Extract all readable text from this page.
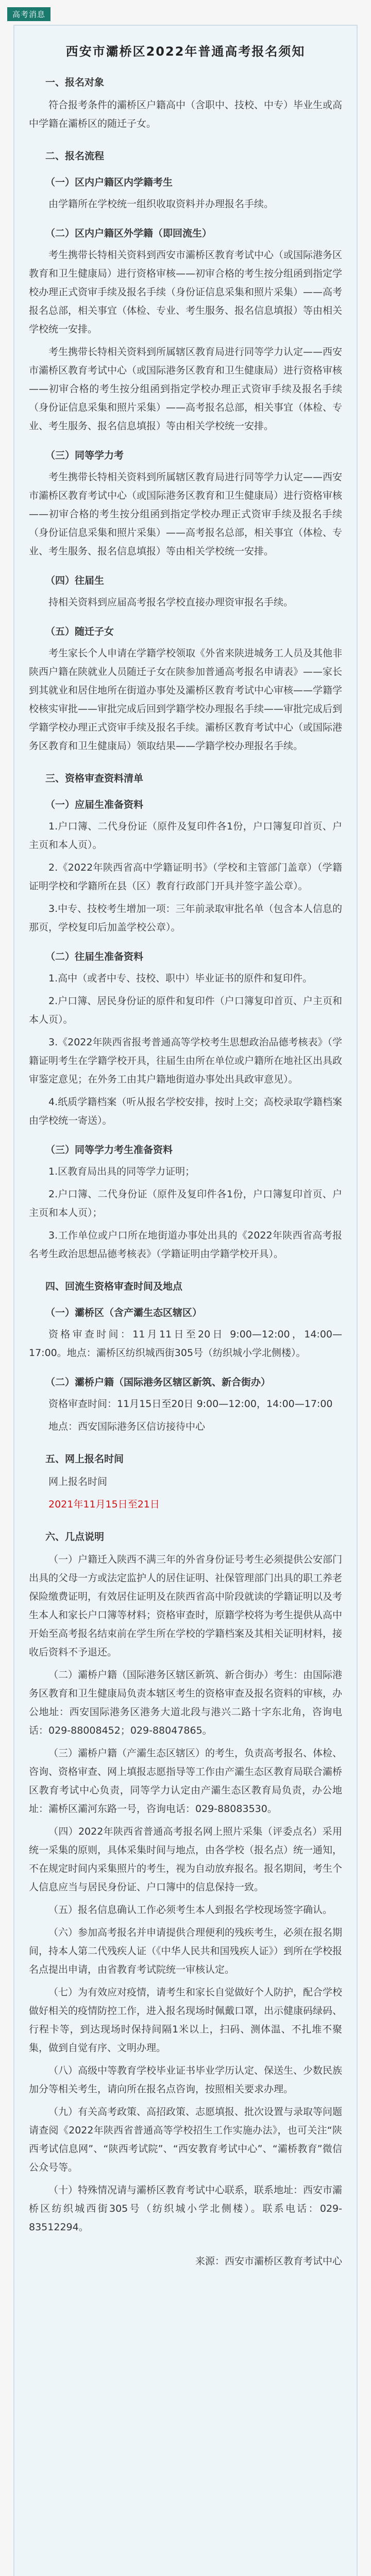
高考消息
西安市灞桥区2022年普通高考报名须知
一、报名对象
符合报考条件的灞桥区户籍高中（含职中、技校、中专）毕业生或高中学籍在灞桥区的随迁子女。
二、报名流程
（一）区内户籍区内学籍考生
由学籍所在学校统一组织收取资料并办理报名手续。
（二）区内户籍区外学籍（即回流生）
考生携带长特相关资料到西安市灞桥区教育考试中心（或国际港务区教育和卫生健康局）进行资格审核——初审合格的考生按分组函到指定学校办理正式资审手续及报名手续（身份证信息采集和照片采集）——高考报名总部，相关事宜（体检、专业、考生服务、报名信息填报）等由相关学校统一安排。
考生携带长特相关资料到所属辖区教育局进行同等学力认定——西安市灞桥区教育考试中心（或国际港务区教育和卫生健康局）进行资格审核——初审合格的考生按分组函到指定学校办理正式资审手续及报名手续（身份证信息采集和照片采集）——高考报名总部，相关事宜（体检、专业、考生服务、报名信息填报）等由相关学校统一安排。
（三）同等学力考
考生携带长特相关资料到所属辖区教育局进行同等学力认定——西安市灞桥区教育考试中心（或国际港务区教育和卫生健康局）进行资格审核——初审合格的考生按分组函到指定学校办理正式资审手续及报名手续（身份证信息采集和照片采集）——高考报名总部，相关事宜（体检、专业、考生服务、报名信息填报）等由相关学校统一安排。
（四）往届生
持相关资料到应届高考报名学校直接办理资审报名手续。
（五）随迁子女
考生家长个人申请在学籍学校领取《外省来陕进城务工人员及其他非陕西户籍在陕就业人员随迁子女在陕参加普通高考报名申请表》——家长到其就业和居住地所在街道办事处及灞桥区教育考试中心审核——学籍学校核实审批——审批完成后回到学籍学校办理报名手续——审批完成后到学籍学校办理正式资审手续及报名手续。灞桥区教育考试中心（或国际港务区教育和卫生健康局）领取结果——学籍学校办理报名手续。
三、资格审查资料清单
（一）应届生准备资料
1.户口簿、二代身份证（原件及复印件各1份，户口簿复印首页、户主页和本人页）。
2.《2022年陕西省高中学籍证明书》（学校和主管部门盖章）（学籍证明学校和学籍所在县（区）教育行政部门开具并签字盖公章）。
3.中专、技校考生增加一项：三年前录取审批名单（包含本人信息的那页，学校复印后加盖学校公章）。
（二）往届生准备资料
1.高中（或者中专、技校、职中）毕业证书的原件和复印件。
2.户口簿、居民身份证的原件和复印件（户口簿复印首页、户主页和本人页）。
3.《2022年陕西省报考普通高等学校考生思想政治品德考核表》（学籍证明考生在学籍学校开具，往届生由所在单位或户籍所在地社区出具政审鉴定意见；在外务工由其户籍地街道办事处出具政审意见）。
4.纸质学籍档案（听从报名学校安排，按时上交；高校录取学籍档案由学校统一寄送）。
（三）同等学力考生准备资料
1.区教育局出具的同等学力证明；
2.户口簿、二代身份证（原件及复印件各1份，户口簿复印首页、户主页和本人页）；
3.工作单位或户口所在地街道办事处出具的《2022年陕西省高考报名考生政治思想品德考核表》（学籍证明由学籍学校开具）。
四、回流生资格审查时间及地点
（一）灞桥区（含产灞生态区辖区）
资格审查时间：11月11日至20日 9:00—12:00，14:00—17:00。地点：灞桥区纺织城西街305号（纺织城小学北侧楼）。
（二）灞桥户籍（国际港务区辖区新筑、新合街办）
资格审查时间：11月15日至20日 9:00—12:00，14:00—17:00
地点：西安国际港务区信访接待中心
五、网上报名时间
网上报名时间
2021年11月15日至21日
六、几点说明
（一）户籍迁入陕西不满三年的外省身份证号考生必须提供公安部门出具的父母一方或法定监护人的居住证明、社保管理部门出具的职工养老保险缴费证明，有效居住证明及在陕西省高中阶段就读的学籍证明以及考生本人和家长户口簿等材料；资格审查时，原籍学校将为考生提供从高中开始至高考报名结束前在学生所在学校的学籍档案及其相关证明材料，接收后资料不予退还。
（二）灞桥户籍（国际港务区辖区新筑、新合街办）考生：由国际港务区教育和卫生健康局负责本辖区考生的资格审查及报名资料的审核，办公地址：西安国际港务区港务大道北段与港兴二路十字东北角，咨询电话：029-88008452；029-88047865。
（三）灞桥户籍（产灞生态区辖区）的考生，负责高考报名、体检、咨询、资格审查、网上填报志愿指导等工作由产灞生态区教育局联合灞桥区教育考试中心负责，同等学力认定由产灞生态区教育局负责，办公地址：灞桥区灞河东路一号，咨询电话：029-88083530。
（四）2022年陕西省普通高考报名网上照片采集（评委点名）采用统一采集的原则，具体采集时间与地点，由各学校（报名点）统一通知，不在规定时间内采集照片的考生，视为自动放弃报名。报名期间，考生个人信息应当与居民身份证、户口簿中的信息保持一致。
（五）报名信息确认工作必须考生本人到报名学校现场签字确认。
（六）参加高考报名并申请提供合理便利的残疾考生，必须在报名期间，持本人第二代残疾人证（《中华人民共和国残疾人证》）到所在学校报名点提出申请，由省教育考试院统一审核认定。
（七）为有效应对疫情，请考生和家长自觉做好个人防护，配合学校做好相关的疫情防控工作，进入报名现场时佩戴口罩，出示健康码绿码、行程卡等，到达现场时保持间隔1米以上，扫码、测体温、不扎堆不聚集，做到自觉有序、文明办理。
（八）高级中等教育学校毕业证书毕业学历认定、保送生、少数民族加分等相关考生，请向所在报名点咨询，按照相关要求办理。
（九）有关高考政策、高招政策、志愿填报、批次设置与录取等问题请查阅《2022年陕西省普通高等学校招生工作实施办法》，也可关注“陕西考试信息网”、“陕西考试院”、“西安教育考试中心”、“灞桥教育”微信公众号等。
（十）特殊情况请与灞桥区教育考试中心联系，联系地址：西安市灞桥区纺织城西街305号（纺织城小学北侧楼）。联系电话：029-83512294。
来源：西安市灞桥区教育考试中心
